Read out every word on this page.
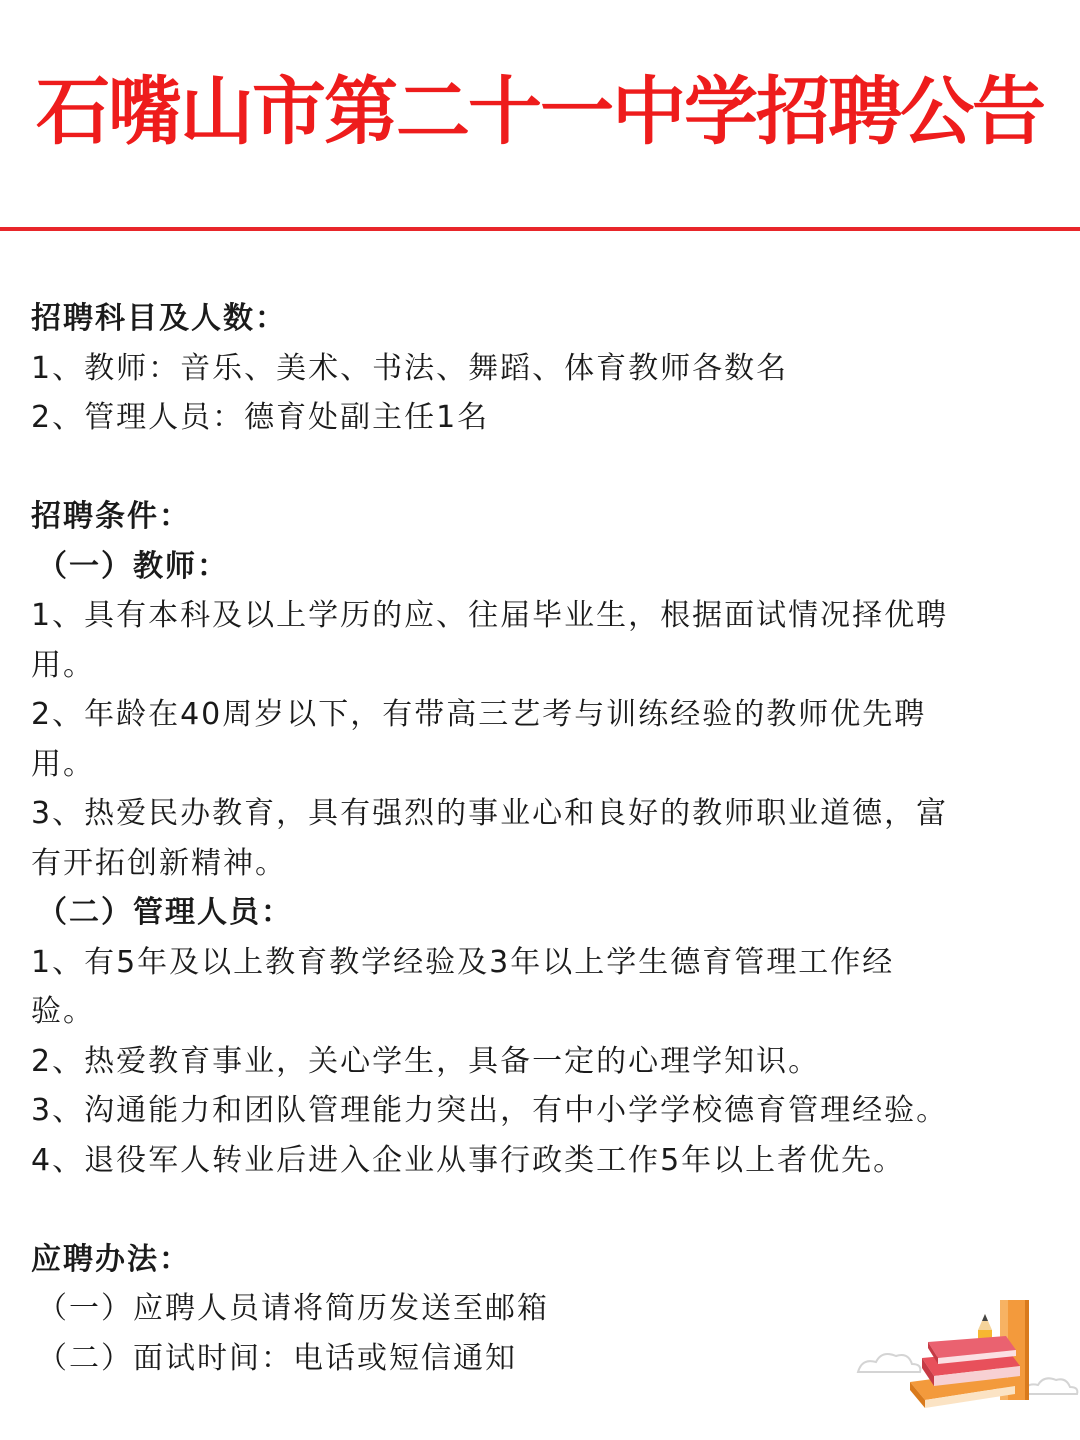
石嘴山市第二十一中学招聘公告
招聘科目及人数：
1、教师：音乐、美术、书法、舞蹈、体育教师各数名
2、管理人员：德育处副主任1名
招聘条件：
（一）教师：
1、具有本科及以上学历的应、往届毕业生，根据面试情况择优聘
用。
2、年龄在40周岁以下，有带高三艺考与训练经验的教师优先聘
用。
3、热爱民办教育，具有强烈的事业心和良好的教师职业道德，富
有开拓创新精神。
（二）管理人员：
1、有5年及以上教育教学经验及3年以上学生德育管理工作经
验。
2、热爱教育事业，关心学生，具备一定的心理学知识。
3、沟通能力和团队管理能力突出，有中小学学校德育管理经验。
4、退役军人转业后进入企业从事行政类工作5年以上者优先。
应聘办法：
（一）应聘人员请将简历发送至邮箱
（二）面试时间：电话或短信通知
